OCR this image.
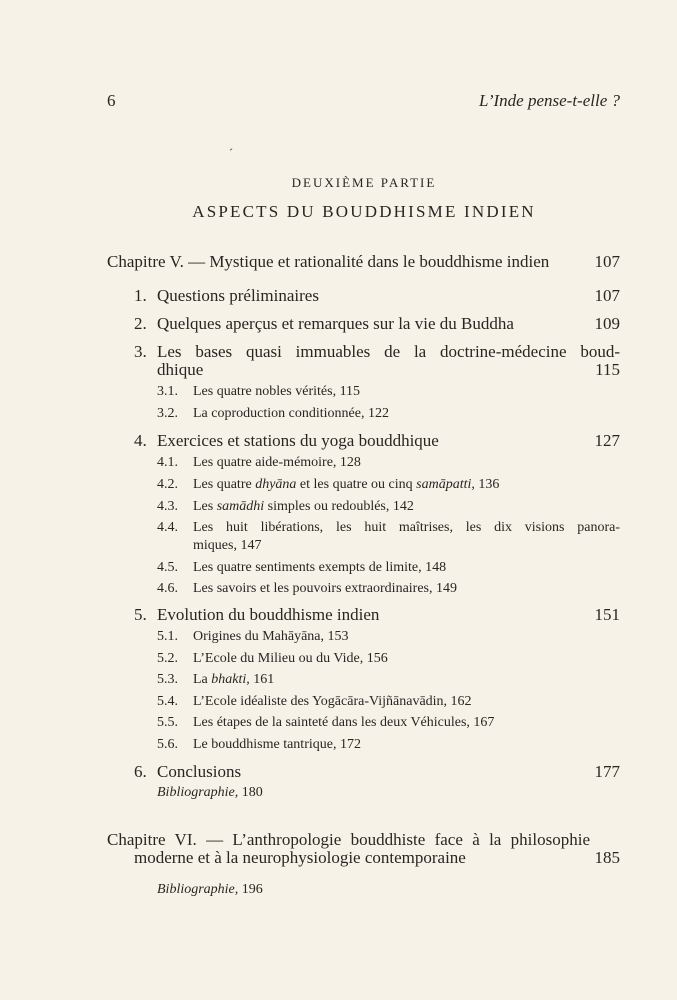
6	L’Inde pense-t-elle ?
´
DEUXIÈME PARTIE
ASPECTS DU BOUDDHISME INDIEN
Chapitre V. — Mystique et rationalité dans le bouddhisme indien	107
1. Questions préliminaires	107
2. Quelques aperçus et remarques sur la vie du Buddha	109
3. Les bases quasi immuables de la doctrine-médecine boud-
dhique	115
3.1. Les quatre nobles vérités, 115
3.2. La coproduction conditionnée, 122
4. Exercices et stations du yoga bouddhique	127
4.1. Les quatre aide-mémoire, 128
4.2. Les quatre dhyāna et les quatre ou cinq samāpatti, 136
4.3. Les samādhi simples ou redoublés, 142
4.4. Les huit libérations, les huit maîtrises, les dix visions panora-
miques, 147
4.5. Les quatre sentiments exempts de limite, 148
4.6. Les savoirs et les pouvoirs extraordinaires, 149
5. Evolution du bouddhisme indien	151
5.1. Origines du Mahāyāna, 153
5.2. L’Ecole du Milieu ou du Vide, 156
5.3. La bhakti, 161
5.4. L’Ecole idéaliste des Yogācāra-Vijñānavādin, 162
5.5. Les étapes de la sainteté dans les deux Véhicules, 167
5.6. Le bouddhisme tantrique, 172
6. Conclusions	177
Bibliographie, 180
Chapitre VI. — L’anthropologie bouddhiste face à la philosophie
moderne et à la neurophysiologie contemporaine	185
Bibliographie, 196
